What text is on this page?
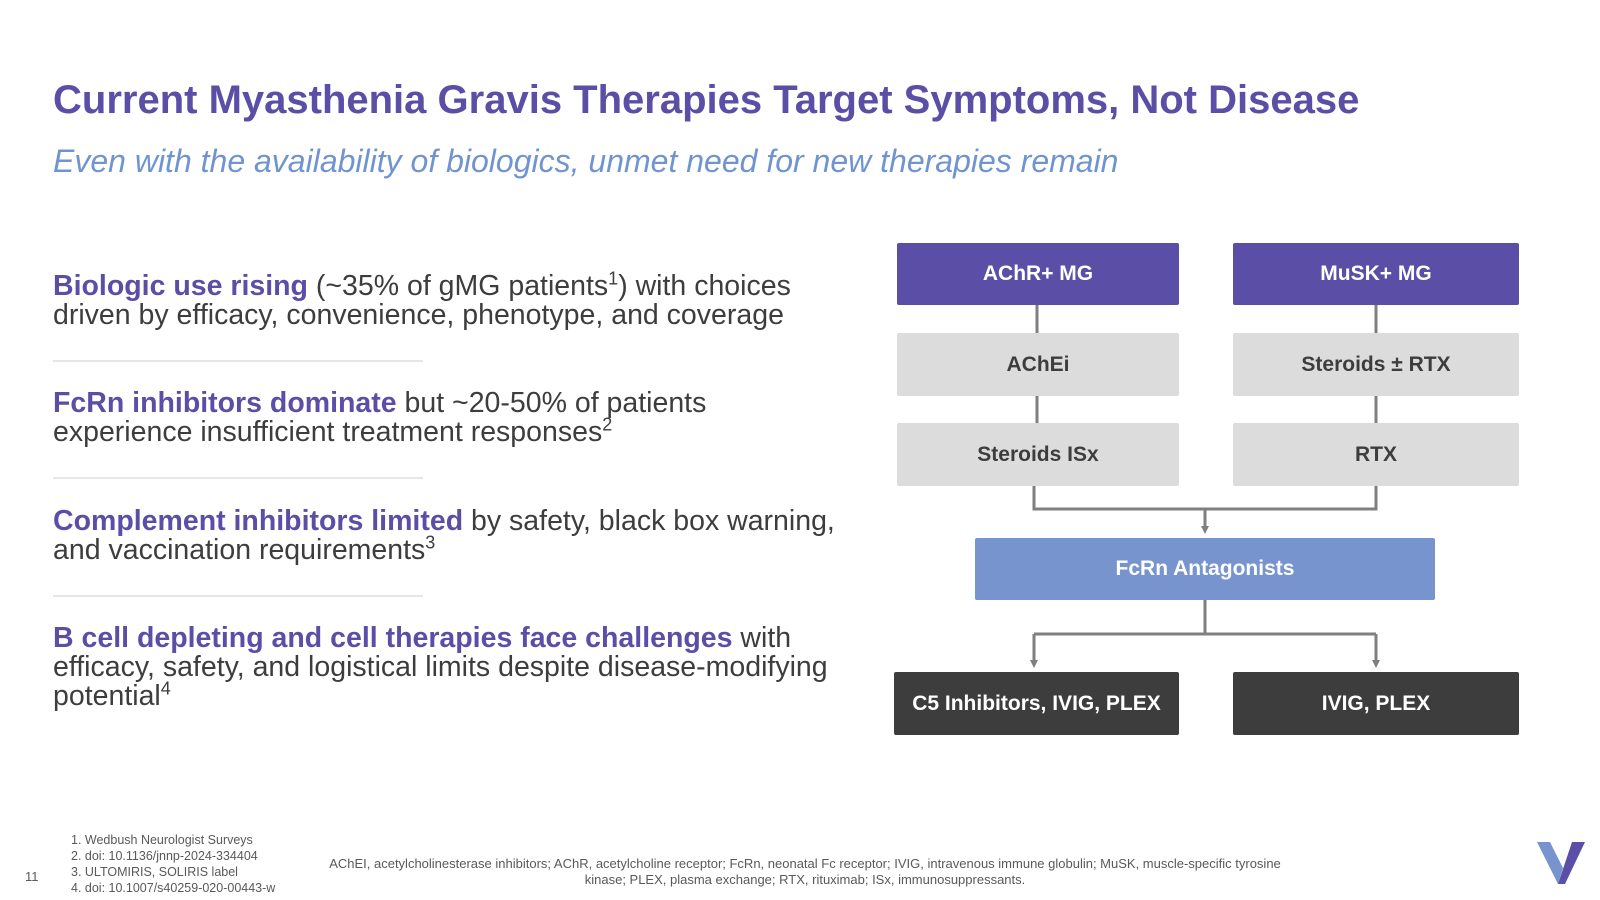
Current Myasthenia Gravis Therapies Target Symptoms, Not Disease
Even with the availability of biologics, unmet need for new therapies remain
Biologic use rising (~35% of gMG patients$^1$) with choices driven by efficacy, convenience, phenotype, and coverage
FcRn inhibitors dominate but ~20-50% of patients experience insufficient treatment responses$^2$
Complement inhibitors limited by safety, black box warning, and vaccination requirements$^3$
B cell depleting and cell therapies face challenges with efficacy, safety, and logistical limits despite disease-modifying potential$^4$
AChR+ MG	MuSK+ MG
AChEi	Steroids ± RTX
Steroids ISx	RTX
FcRn Antagonists
C5 Inhibitors, IVIG, PLEX	IVIG, PLEX
1. Wedbush Neurologist Surveys
2. doi: 10.1136/jnnp-2024-334404
3. ULTOMIRIS, SOLIRIS label
4. doi: 10.1007/s40259-020-00443-w
11
AChEI, acetylcholinesterase inhibitors; AChR, acetylcholine receptor; FcRn, neonatal Fc receptor; IVIG, intravenous immune globulin; MuSK, muscle-specific tyrosine kinase; PLEX, plasma exchange; RTX, rituximab; ISx, immunosuppressants.
